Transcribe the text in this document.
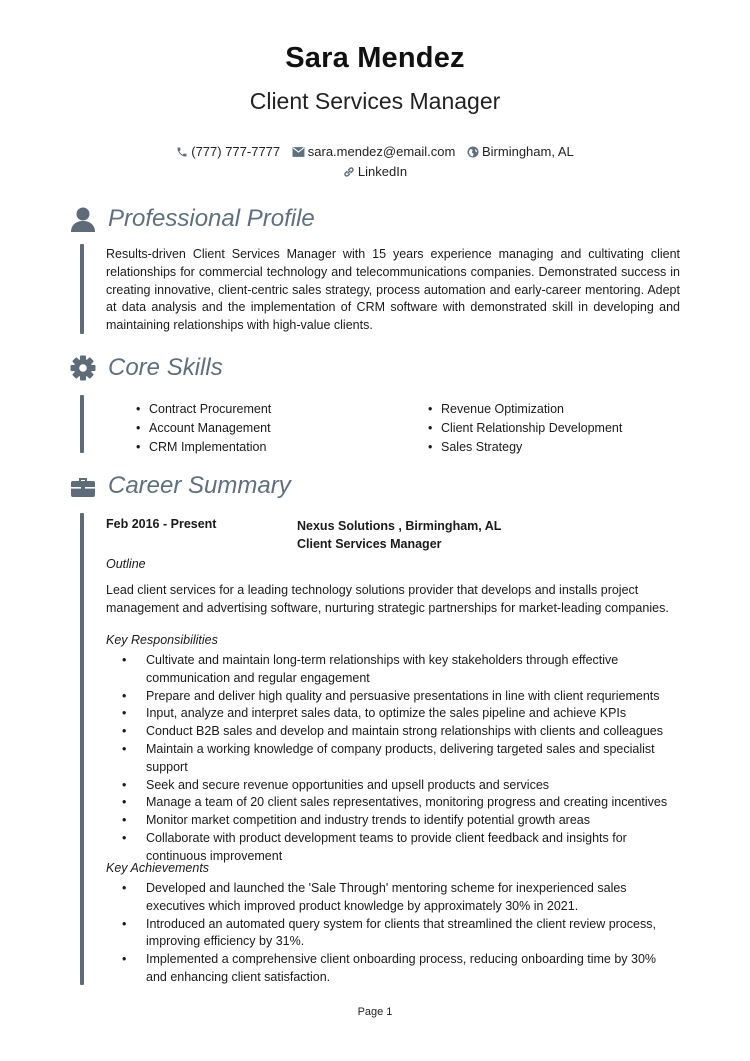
Sara Mendez
Client Services Manager
(777) 777-7777 sara.mendez@email.com Birmingham, AL
LinkedIn
Professional Profile
Results-driven Client Services Manager with 15 years experience managing and cultivating client relationships for commercial technology and telecommunications companies. Demonstrated success in creating innovative, client-centric sales strategy, process automation and early-career mentoring. Adept at data analysis and the implementation of CRM software with demonstrated skill in developing and maintaining relationships with high-value clients.
Core Skills
• Contract Procurement
• Account Management
• CRM Implementation
• Revenue Optimization
• Client Relationship Development
• Sales Strategy
Career Summary
Feb 2016 - Present	Nexus Solutions , Birmingham, AL
Client Services Manager
Outline
Lead client services for a leading technology solutions provider that develops and installs project management and advertising software, nurturing strategic partnerships for market-leading companies.
Key Responsibilities
• Cultivate and maintain long-term relationships with key stakeholders through effective communication and regular engagement
• Prepare and deliver high quality and persuasive presentations in line with client requriements
• Input, analyze and interpret sales data, to optimize the sales pipeline and achieve KPIs
• Conduct B2B sales and develop and maintain strong relationships with clients and colleagues
• Maintain a working knowledge of company products, delivering targeted sales and specialist support
• Seek and secure revenue opportunities and upsell products and services
• Manage a team of 20 client sales representatives, monitoring progress and creating incentives
• Monitor market competition and industry trends to identify potential growth areas
• Collaborate with product development teams to provide client feedback and insights for continuous improvement
Key Achievements
• Developed and launched the 'Sale Through' mentoring scheme for inexperienced sales executives which improved product knowledge by approximately 30% in 2021.
• Introduced an automated query system for clients that streamlined the client review process, improving efficiency by 31%.
• Implemented a comprehensive client onboarding process, reducing onboarding time by 30% and enhancing client satisfaction.
Page 1
